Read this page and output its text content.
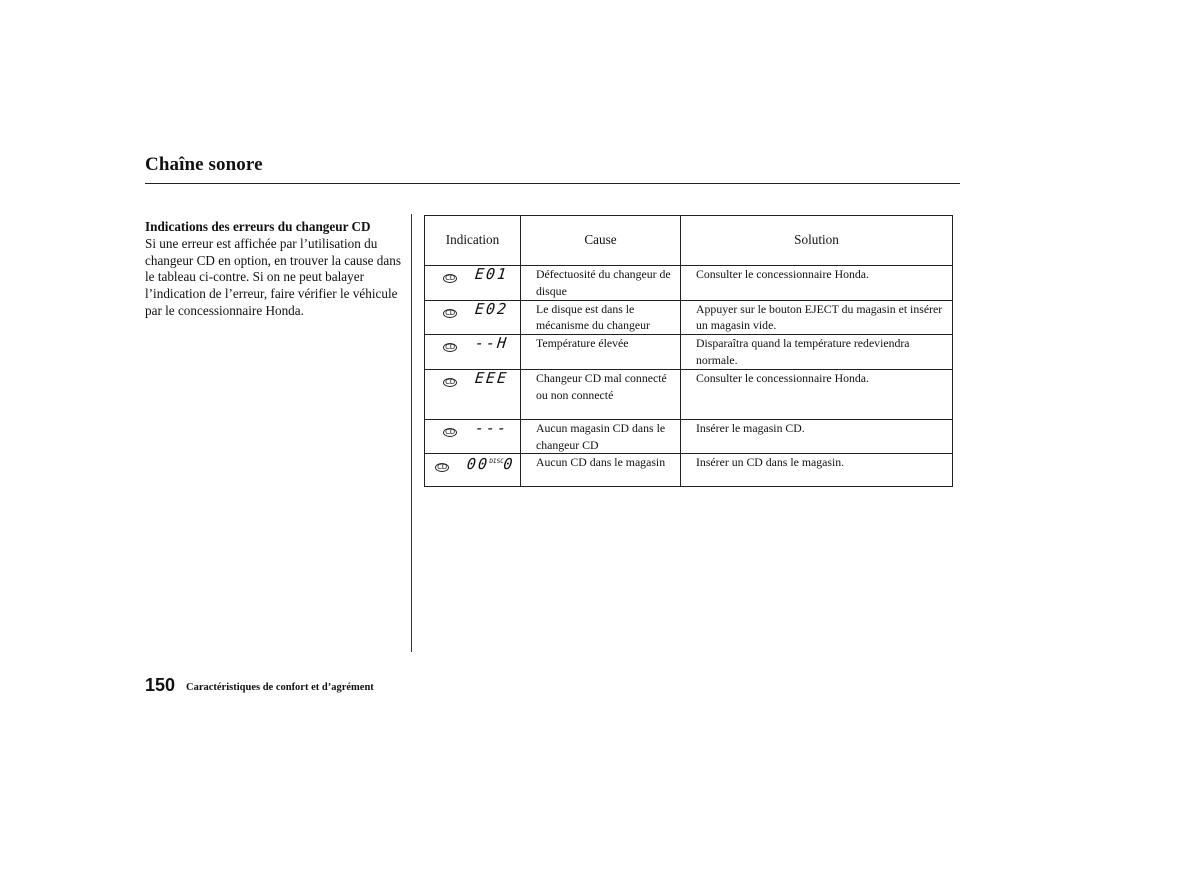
Chaîne sonore
Indications des erreurs du changeur CD
Si une erreur est affichée par l’utilisation du changeur CD en option, en trouver la cause dans le tableau ci-contre. Si on ne peut balayer l’indication de l’erreur, faire vérifier le véhicule par le concessionnaire Honda.
Indication	Cause	Solution

CD E01	Défectuosité du changeur de disque	Consulter le concessionnaire Honda.

CD E02	Le disque est dans le mécanisme du changeur	Appuyer sur le bouton EJECT du magasin et insérer un magasin vide.

CD --H	Température élevée	Disparaîtra quand la température redeviendra normale.

CD EEE	Changeur CD mal connecté ou non connecté	Consulter le concessionnaire Honda.

CD ---	Aucun magasin CD dans le changeur CD	Insérer le magasin CD.

CD $00^{DISC}0$	Aucun CD dans le magasin	Insérer un CD dans le magasin.
150 Caractéristiques de confort et d’agrément
